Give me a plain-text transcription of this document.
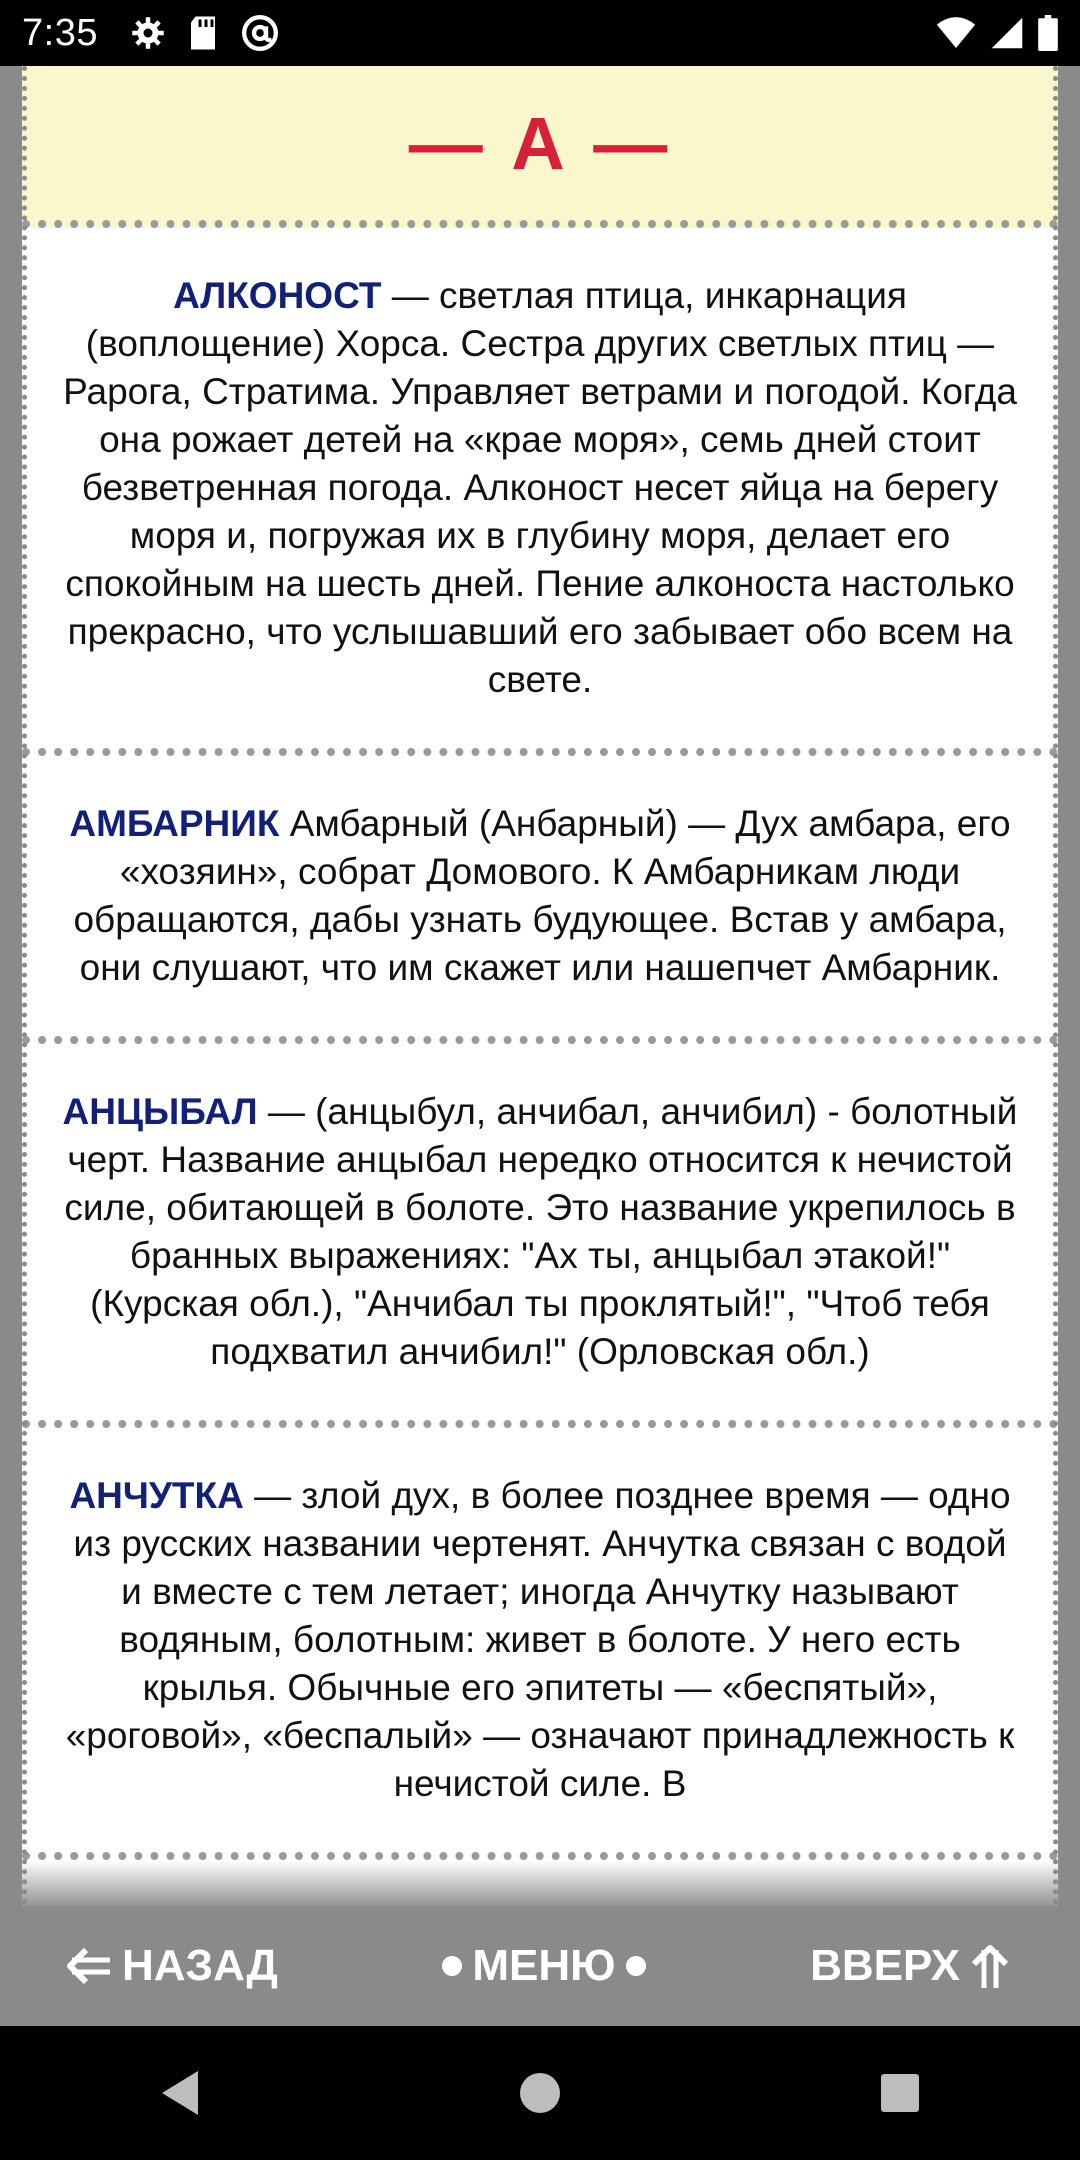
7:35
— А —
АЛКОНОСТ — светлая птица, инкарнация (воплощение) Хорса. Сестра других светлых птиц — Рарога, Стратима. Управляет ветрами и погодой. Когда она рожает детей на «крае моря», семь дней стоит безветренная погода. Алконост несет яйца на берегу моря и, погружая их в глубину моря, делает его спокойным на шесть дней. Пение алконоста настолько прекрасно, что услышавший его забывает обо всем на свете.
АМБАРНИК Амбарный (Анбарный) — Дух амбара, его «хозяин», собрат Домового. К Амбарникам люди обращаются, дабы узнать будующее. Встав у амбара, они слушают, что им скажет или нашепчет Амбарник.
АНЦЫБАЛ — (анцыбул, анчибал, анчибил) - болотный черт. Название анцыбал нередко относится к нечистой силе, обитающей в болоте. Это название укрепилось в бранных выражениях: "Ах ты, анцыбал этакой!" (Курская обл.), "Анчибал ты проклятый!", "Чтоб тебя подхватил анчибил!" (Орловская обл.)
АНЧУТКА — злой дух, в более позднее время — одно из русских названии чертенят. Анчутка связан с водой и вместе с тем летает; иногда Анчутку называют водяным, болотным: живет в болоте. У него есть крылья. Обычные его эпитеты — «беспятый», «роговой», «беспалый» — означают принадлежность к нечистой силе. В
НАЗАД	МЕНЮ	ВВЕРХ
